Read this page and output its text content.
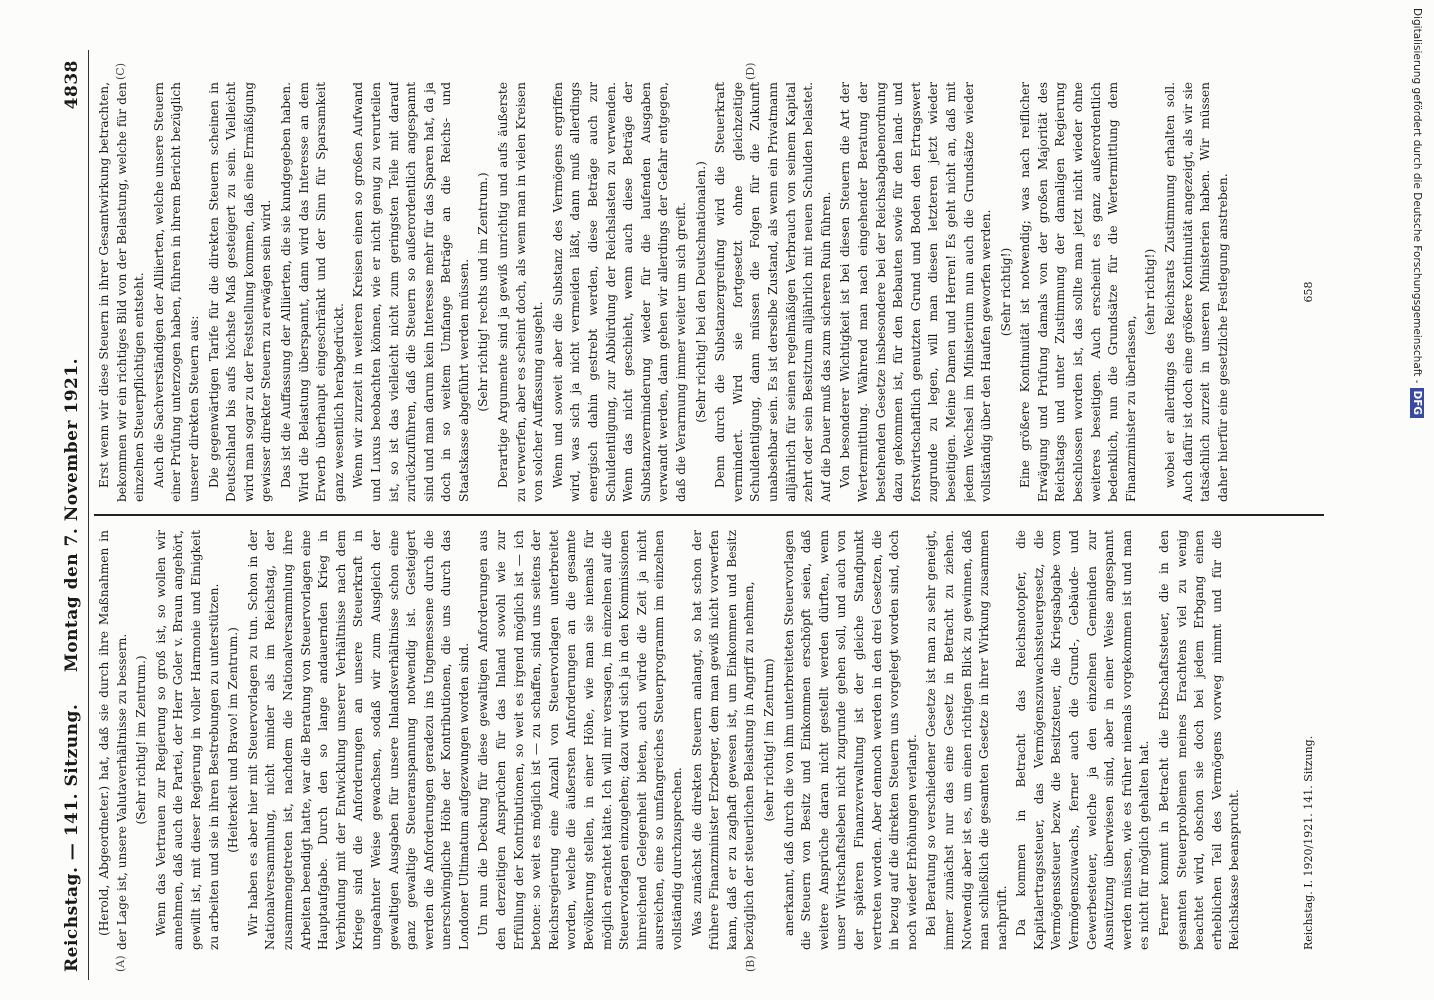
Reichstag. — 141. Sitzung.
Montag den 7. November 1921.
4838
(A)	(B)
(C)	(D)

(Herold, Abgeordneter.) hat, daß sie durch ihre Maßnahmen in der Lage ist, unsere Valutaverhältnisse zu bessern. (Sehr richtig! im Zentrum.) Wenn das Vertrauen zur Regierung so groß ist, so wollen wir annehmen, daß auch die Partei, der Herr Goler v. Braun angehört, gewillt ist, mit dieser Regierung in voller Harmonie und Einigkeit zu arbeiten und sie in ihren Bestrebungen zu unterstützen. (Heiterkeit und Bravo! im Zentrum.) Wir haben es aber hier mit Steuervorlagen zu tun. Schon in der Nationalversammlung, nicht minder als im Reichstag, der zusammengetreten ist, nachdem die Nationalversammlung ihre Arbeiten beendigt hatte, war die Beratung von Steuervorlagen eine Hauptaufgabe. Durch den so lange andauernden Krieg in Verbindung mit der Entwicklung unserer Verhältnisse nach dem Kriege sind die Anforderungen an unsere Steuerkraft in ungeahnter Weise gewachsen, sodaß wir zum Ausgleich der gewaltigen Ausgaben für unsere Inlandsverhältnisse schon eine ganz gewaltige Steueranspannung notwendig ist. Gesteigert werden die Anforderungen geradezu ins Ungemessene durch die unerschwingliche Höhe der Kontributionen, die uns durch das Londoner Ultimatum aufgezwungen worden sind. Um nun die Deckung für diese gewaltigen Anforderungen aus den derzeitigen Ansprüchen für das Inland sowohl wie zur Erfüllung der Kontributionen, so weit es irgend möglich ist — ich betone: so weit es möglich ist — zu schaffen, sind uns seitens der Reichsregierung eine Anzahl von Steuervorlagen unterbreitet worden, welche die äußersten Anforderungen an die gesamte Bevölkerung stellen, in einer Höhe, wie man sie niemals für möglich erachtet hätte. Ich will mir versagen, im einzelnen auf die Steuervorlagen einzugehen; dazu wird sich ja in den Kommissionen hinreichend Gelegenheit bieten, auch würde die Zeit ja nicht ausreichen, eine so umfangreiches Steuerprogramm im einzelnen vollständig durchzusprechen. Was zunächst die direkten Steuern anlangt, so hat schon der frühere Finanzminister Erzberger, dem man gewiß nicht vorwerfen kann, daß er zu zaghaft gewesen ist, um Einkommen und Besitz bezüglich der steuerlichen Belastung in Angriff zu nehmen, (sehr richtig! im Zentrum) anerkannt, daß durch die von ihm unterbreiteten Steuervorlagen die Steuern von Besitz und Einkommen erschöpft seien, daß weitere Ansprüche daran nicht gestellt werden dürften, wenn unser Wirtschaftsleben nicht zugrunde gehen soll, und auch von der späteren Finanzverwaltung ist der gleiche Standpunkt vertreten worden. Aber dennoch werden in den drei Gesetzen, die in bezug auf die direkten Steuern uns vorgelegt worden sind, doch noch wieder Erhöhungen verlangt. Bei Beratung so verschiedener Gesetze ist man zu sehr geneigt, immer zunächst nur das eine Gesetz in Betracht zu ziehen. Notwendig aber ist es, um einen richtigen Blick zu gewinnen, daß man schließlich die gesamten Gesetze in ihrer Wirkung zusammen nachprüft. Da kommen in Betracht das Reichsnotopfer, die Kapitalertragssteuer, das Vermögenszuwachssteuergesetz, die Vermögenssteuer bezw. die Besitzsteuer, die Kriegsabgabe vom Vermögenszuwachs, ferner auch die Grund-, Gebäude- und Gewerbesteuer, welche ja den einzelnen Gemeinden zur Ausnützung überwiesen sind, aber in einer Weise angespannt werden müssen, wie es früher niemals vorgekommen ist und man es nicht für möglich gehalten hat. Ferner kommt in Betracht die Erbschaftssteuer, die in den gesamten Steuerproblemen meines Erachtens viel zu wenig beachtet wird, obschon sie doch bei jedem Erbgang einen erheblichen Teil des Vermögens vorweg nimmt und für die Reichskasse beansprucht.

Erst wenn wir diese Steuern in ihrer Gesamtwirkung betrachten, bekommen wir ein richtiges Bild von der Belastung, welche für den einzelnen Steuerpflichtigen entsteht. Auch die Sachverständigen der Alliierten, welche unsere Steuern einer Prüfung unterzogen haben, führen in ihrem Bericht bezüglich unserer direkten Steuern aus: Die gegenwärtigen Tarife für die direkten Steuern scheinen in Deutschland bis aufs höchste Maß gesteigert zu sein. Vielleicht wird man sogar zu der Feststellung kommen, daß eine Ermäßigung gewisser direkter Steuern zu erwägen sein wird. Das ist die Auffassung der Alliierten, die sie kundgegeben haben. Wird die Belastung überspannt, dann wird das Interesse an dem Erwerb überhaupt eingeschränkt und der Sinn für Sparsamkeit ganz wesentlich herabgedrückt. Wenn wir zurzeit in weiteren Kreisen einen so großen Aufwand und Luxus beobachten können, wie er nicht genug zu verurteilen ist, so ist das vielleicht nicht zum geringsten Teile mit darauf zurückzuführen, daß die Steuern so außerordentlich angespannt sind und man darum kein Interesse mehr für das Sparen hat, da ja doch in so weitem Umfange Beträge an die Reichs- und Staatskasse abgeführt werden müssen. (Sehr richtig! rechts und im Zentrum.) Derartige Argumente sind ja gewiß unrichtig und aufs äußerste zu verwerfen, aber es scheint doch, als wenn man in vielen Kreisen von solcher Auffassung ausgeht. Wenn und soweit aber die Substanz des Vermögens ergriffen wird, was sich ja nicht vermeiden läßt, dann muß allerdings energisch dahin gestrebt werden, diese Beträge auch zur Schuldentilgung, zur Abbürdung der Reichslasten zu verwenden. Wenn das nicht geschieht, wenn auch diese Beträge der Substanzverminderung wieder für die laufenden Ausgaben verwandt werden, dann gehen wir allerdings der Gefahr entgegen, daß die Verarmung immer weiter um sich greift. (Sehr richtig! bei den Deutschnationalen.) Denn durch die Substanzergreifung wird die Steuerkraft vermindert. Wird sie fortgesetzt ohne gleichzeitige Schuldentilgung, dann müssen die Folgen für die Zukunft unabsehbar sein. Es ist derselbe Zustand, als wenn ein Privatmann alljährlich für seinen regelmäßigen Verbrauch von seinem Kapital zehrt oder sein Besitztum alljährlich mit neuen Schulden belastet. Auf die Dauer muß das zum sicheren Ruin führen. Von besonderer Wichtigkeit ist bei diesen Steuern die Art der Wertermittlung. Während man nach eingehender Beratung der bestehenden Gesetze insbesondere bei der Reichsabgabenordnung dazu gekommen ist, für den Bebauten sowie für den land- und forstwirtschaftlich genutzten Grund und Boden den Ertragswert zugrunde zu legen, will man diesen letzteren jetzt wieder beseitigen. Meine Damen und Herren! Es geht nicht an, daß mit jedem Wechsel im Ministerium nun auch die Grundsätze wieder vollständig über den Haufen geworfen werden. (Sehr richtig!) Eine größere Kontinuität ist notwendig; was nach reiflicher Erwägung und Prüfung damals von der großen Majorität des Reichstags und unter Zustimmung der damaligen Regierung beschlossen worden ist, das sollte man jetzt nicht wieder ohne weiteres beseitigen. Auch erscheint es ganz außerordentlich bedenklich, nun die Grundsätze für die Wertermittlung dem Finanzminister zu überlassen,

(sehr richtig!) wobei er allerdings des Reichsrats Zustimmung erhalten soll. Auch dafür ist doch eine größere Kontinuität angezeigt, als wir sie tatsächlich zurzeit in unseren Ministerien haben. Wir müssen daher hierfür eine gesetzliche Festlegung anstreben.

Reichstag. I. 1920/1921. 141. Sitzung.
658	Digitalisierung gefördert durch die Deutsche Forschungsgemeinschaft -DFG
